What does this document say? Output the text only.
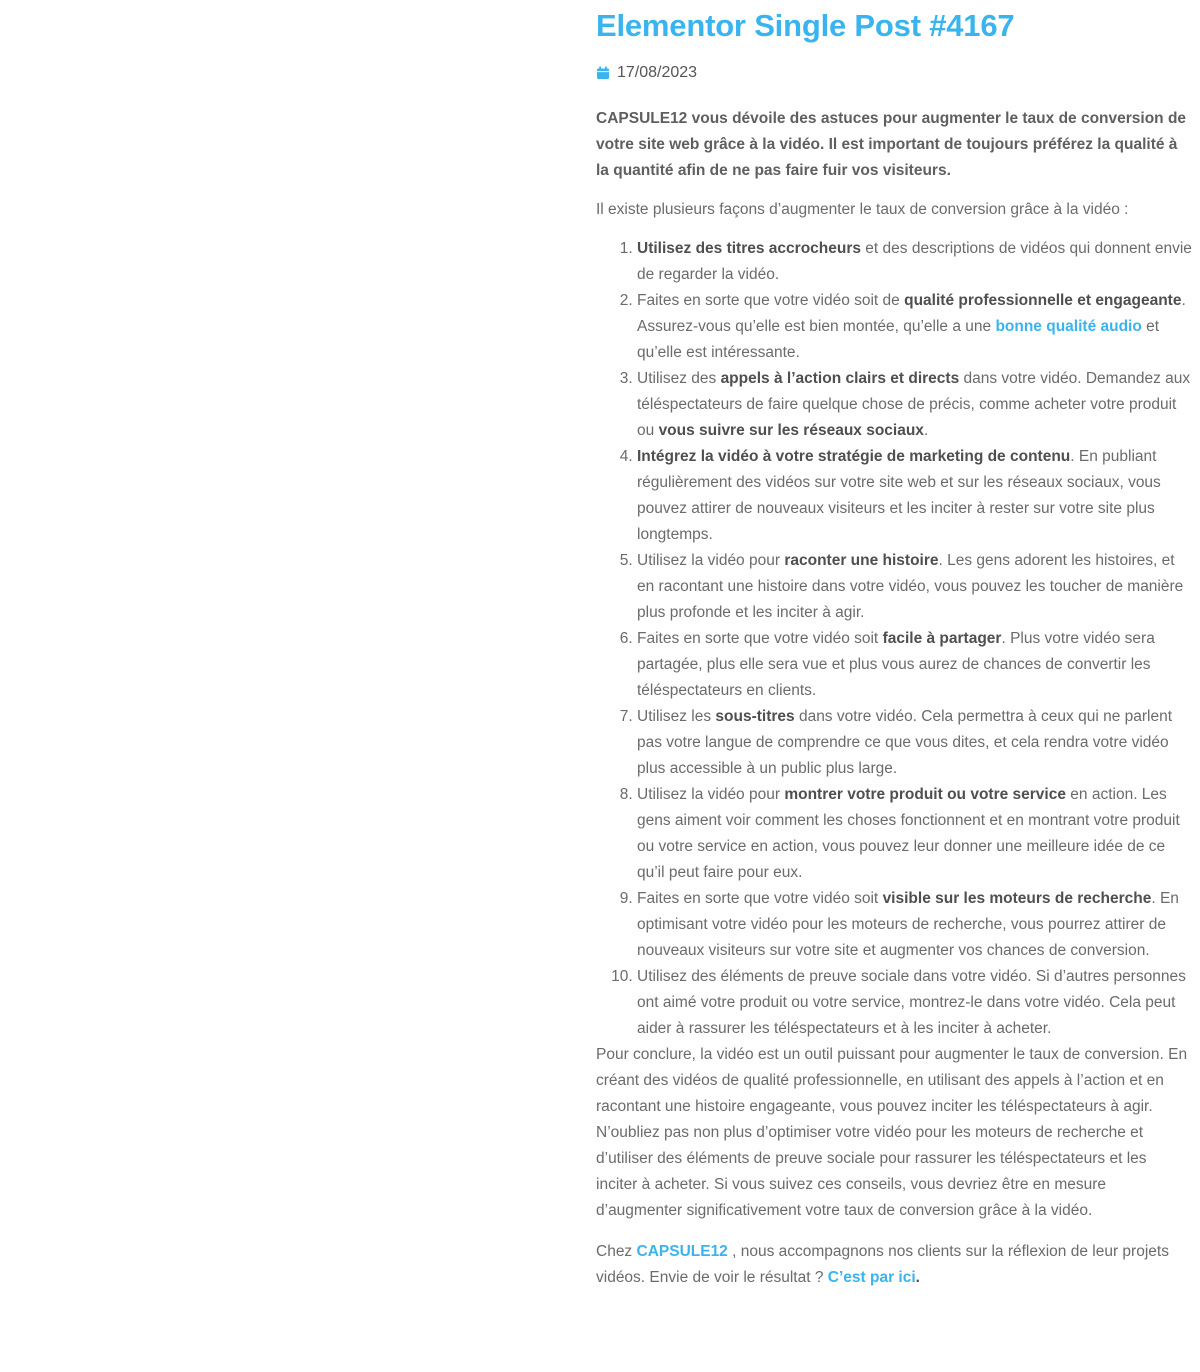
Elementor Single Post #4167
17/08/2023

CAPSULE12 vous dévoile des astuces pour augmenter le taux de conversion de votre site web grâce à la vidéo. Il est important de toujours préférez la qualité à la quantité afin de ne pas faire fuir vos visiteurs.

Il existe plusieurs façons d’augmenter le taux de conversion grâce à la vidéo :

1. Utilisez des titres accrocheurs et des descriptions de vidéos qui donnent envie de regarder la vidéo.
2. Faites en sorte que votre vidéo soit de qualité professionnelle et engageante. Assurez-vous qu’elle est bien montée, qu’elle a une bonne qualité audio et qu’elle est intéressante.
3. Utilisez des appels à l’action clairs et directs dans votre vidéo. Demandez aux téléspectateurs de faire quelque chose de précis, comme acheter votre produit ou vous suivre sur les réseaux sociaux.
4. Intégrez la vidéo à votre stratégie de marketing de contenu. En publiant régulièrement des vidéos sur votre site web et sur les réseaux sociaux, vous pouvez attirer de nouveaux visiteurs et les inciter à rester sur votre site plus longtemps.
5. Utilisez la vidéo pour raconter une histoire. Les gens adorent les histoires, et en racontant une histoire dans votre vidéo, vous pouvez les toucher de manière plus profonde et les inciter à agir.
6. Faites en sorte que votre vidéo soit facile à partager. Plus votre vidéo sera partagée, plus elle sera vue et plus vous aurez de chances de convertir les téléspectateurs en clients.
7. Utilisez les sous-titres dans votre vidéo. Cela permettra à ceux qui ne parlent pas votre langue de comprendre ce que vous dites, et cela rendra votre vidéo plus accessible à un public plus large.
8. Utilisez la vidéo pour montrer votre produit ou votre service en action. Les gens aiment voir comment les choses fonctionnent et en montrant votre produit ou votre service en action, vous pouvez leur donner une meilleure idée de ce qu’il peut faire pour eux.
9. Faites en sorte que votre vidéo soit visible sur les moteurs de recherche. En optimisant votre vidéo pour les moteurs de recherche, vous pourrez attirer de nouveaux visiteurs sur votre site et augmenter vos chances de conversion.
10. Utilisez des éléments de preuve sociale dans votre vidéo. Si d’autres personnes ont aimé votre produit ou votre service, montrez-le dans votre vidéo. Cela peut aider à rassurer les téléspectateurs et à les inciter à acheter.

Pour conclure, la vidéo est un outil puissant pour augmenter le taux de conversion. En créant des vidéos de qualité professionnelle, en utilisant des appels à l’action et en racontant une histoire engageante, vous pouvez inciter les téléspectateurs à agir. N’oubliez pas non plus d’optimiser votre vidéo pour les moteurs de recherche et d’utiliser des éléments de preuve sociale pour rassurer les téléspectateurs et les inciter à acheter. Si vous suivez ces conseils, vous devriez être en mesure d’augmenter significativement votre taux de conversion grâce à la vidéo.

Chez CAPSULE12 , nous accompagnons nos clients sur la réflexion de leur projets vidéos. Envie de voir le résultat ? C’est par ici.
